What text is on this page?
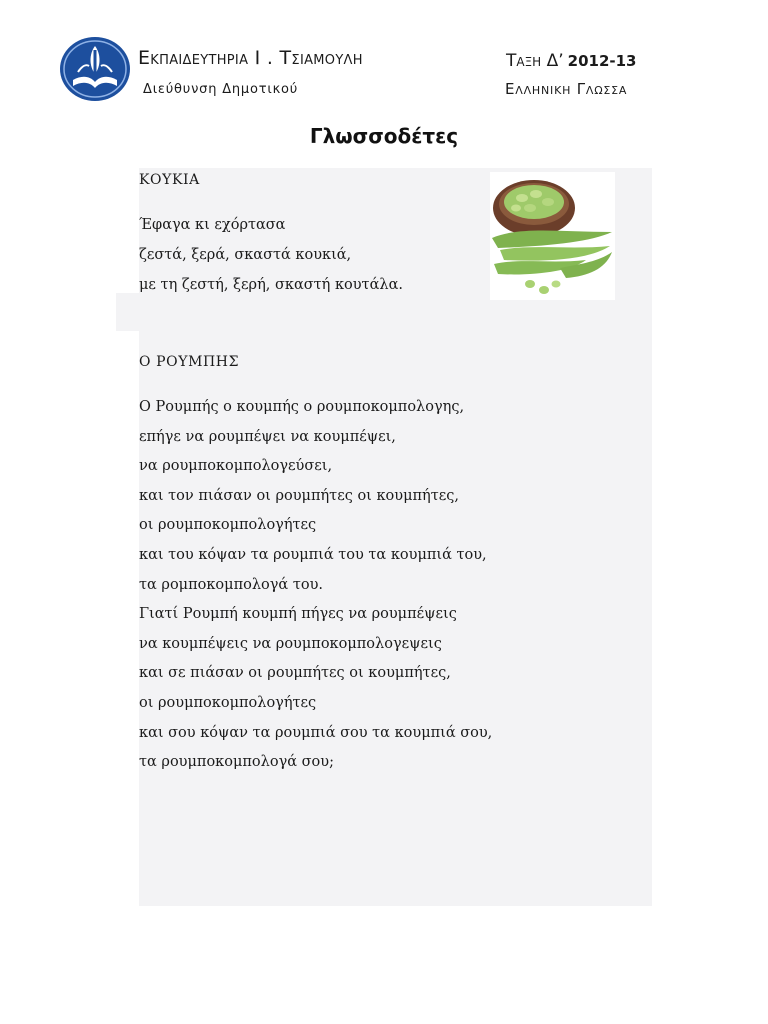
Εκπαιδευτηρια Ι . Τσιαμουλη
Διεύθυνση Δημοτικού
Ταξη Δ’ 2012-13
Ελληνικη Γλωσσα
Γλωσσοδέτες
ΚΟΥΚΙΑ
Έφαγα κι εχόρτασα
ζεστά, ξερά, σκαστά κουκιά,
με τη ζεστή, ξερή, σκαστή κουτάλα.
Ο ΡΟΥΜΠΗΣ
Ο Ρουμπής ο κουμπής ο ρουμποκομπολογης,
επήγε να ρουμπέψει να κουμπέψει,
να ρουμποκομπολογεύσει,
και τον πιάσαν οι ρουμπήτες οι κουμπήτες,
οι ρουμποκομπολογήτες
και του κόψαν τα ρουμπιά του τα κουμπιά του,
τα ρομποκομπολογά του.
Γιατί Ρουμπή κουμπή πήγες να ρουμπέψεις
να κουμπέψεις να ρουμποκομπολογεψεις
και σε πιάσαν οι ρουμπήτες οι κουμπήτες,
οι ρουμποκομπολογήτες
και σου κόψαν τα ρουμπιά σου τα κουμπιά σου,
τα ρουμποκομπολογά σου;
